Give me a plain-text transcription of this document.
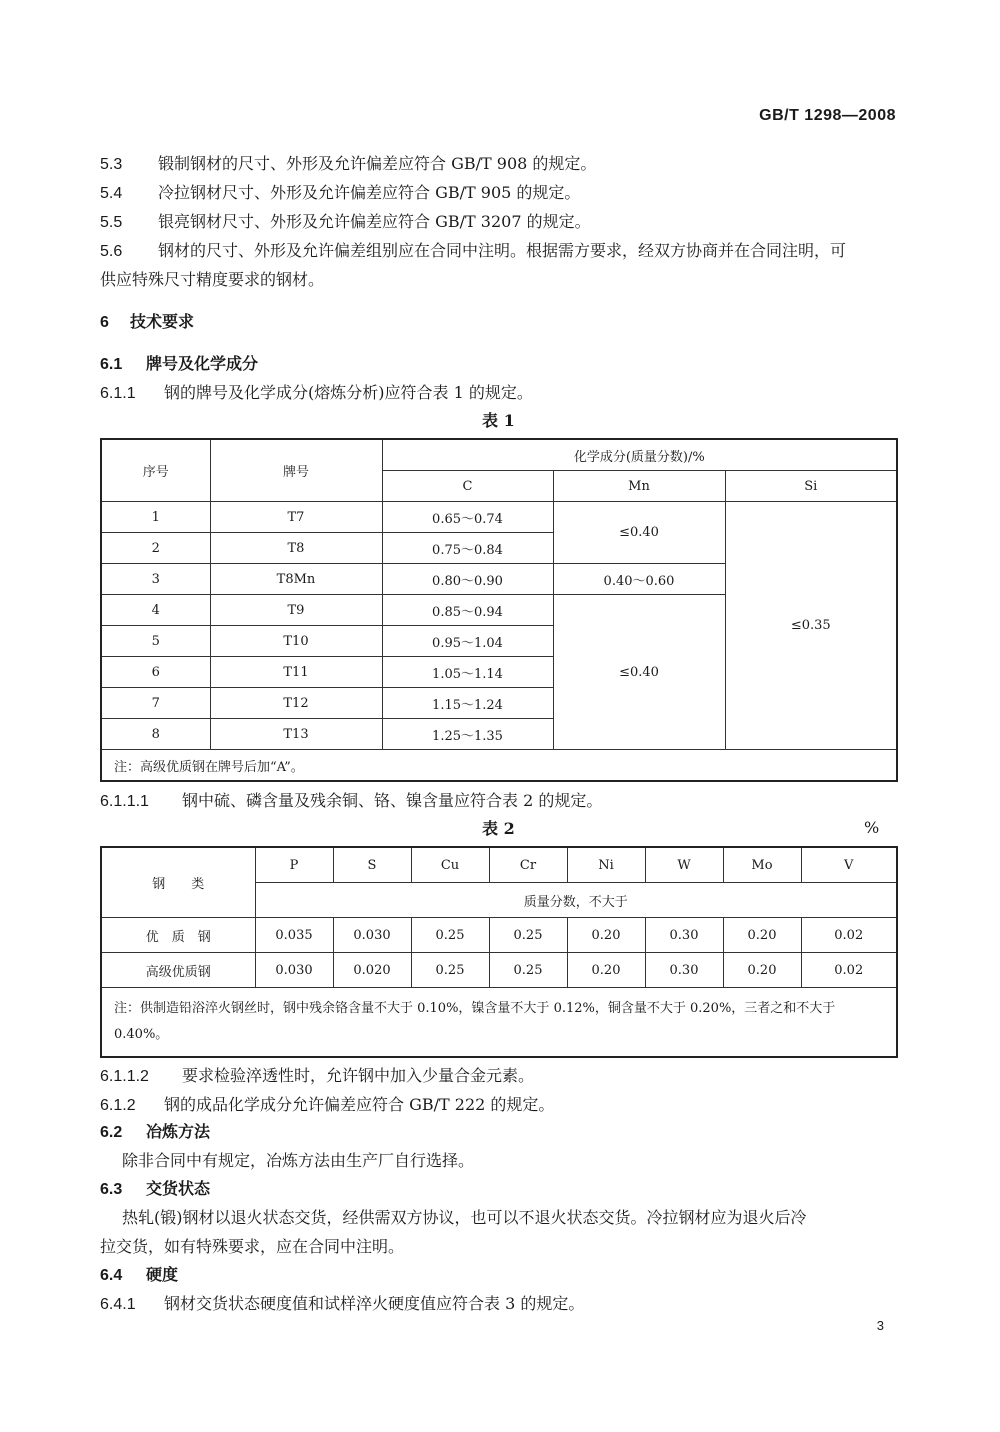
GB/T 1298—2008
5.3 锻制钢材的尺寸、外形及允许偏差应符合 GB/T 908 的规定。
5.4 冷拉钢材尺寸、外形及允许偏差应符合 GB/T 905 的规定。
5.5 银亮钢材尺寸、外形及允许偏差应符合 GB/T 3207 的规定。
5.6 钢材的尺寸、外形及允许偏差组别应在合同中注明。根据需方要求，经双方协商并在合同注明，可
供应特殊尺寸精度要求的钢材。
6 技术要求
6.1 牌号及化学成分
6.1.1 钢的牌号及化学成分(熔炼分析)应符合表 1 的规定。
表 1
序号	牌号	化学成分(质量分数)/%		
		C	Mn	Si
1	T7	0.65～0.74	≤0.40	≤0.35
2	T8	0.75～0.84		
3	T8Mn	0.80～0.90	0.40～0.60	
4	T9	0.85～0.94	≤0.40	
5	T10	0.95～1.04		
6	T11	1.05～1.14		
7	T12	1.15～1.24		
8	T13	1.25～1.35		
注：高级优质钢在牌号后加“A”。				
6.1.1.1 钢中硫、磷含量及残余铜、铬、镍含量应符合表 2 的规定。
表 2	%
钢　　类	P	S	Cu	Cr	Ni	W	Mo	V
	质量分数，不大于							
优　质　钢	0.035	0.030	0.25	0.25	0.20	0.30	0.20	0.02
高级优质钢	0.030	0.020	0.25	0.25	0.20	0.30	0.20	0.02
注：供制造铅浴淬火钢丝时，钢中残余铬含量不大于 0.10%，镍含量不大于 0.12%，铜含量不大于 0.20%，三者之和不大于 0.40%。								
6.1.1.2 要求检验淬透性时，允许钢中加入少量合金元素。
6.1.2 钢的成品化学成分允许偏差应符合 GB/T 222 的规定。
6.2 冶炼方法
除非合同中有规定，冶炼方法由生产厂自行选择。
6.3 交货状态
热轧(锻)钢材以退火状态交货，经供需双方协议，也可以不退火状态交货。冷拉钢材应为退火后冷
拉交货，如有特殊要求，应在合同中注明。
6.4 硬度
6.4.1 钢材交货状态硬度值和试样淬火硬度值应符合表 3 的规定。
3
